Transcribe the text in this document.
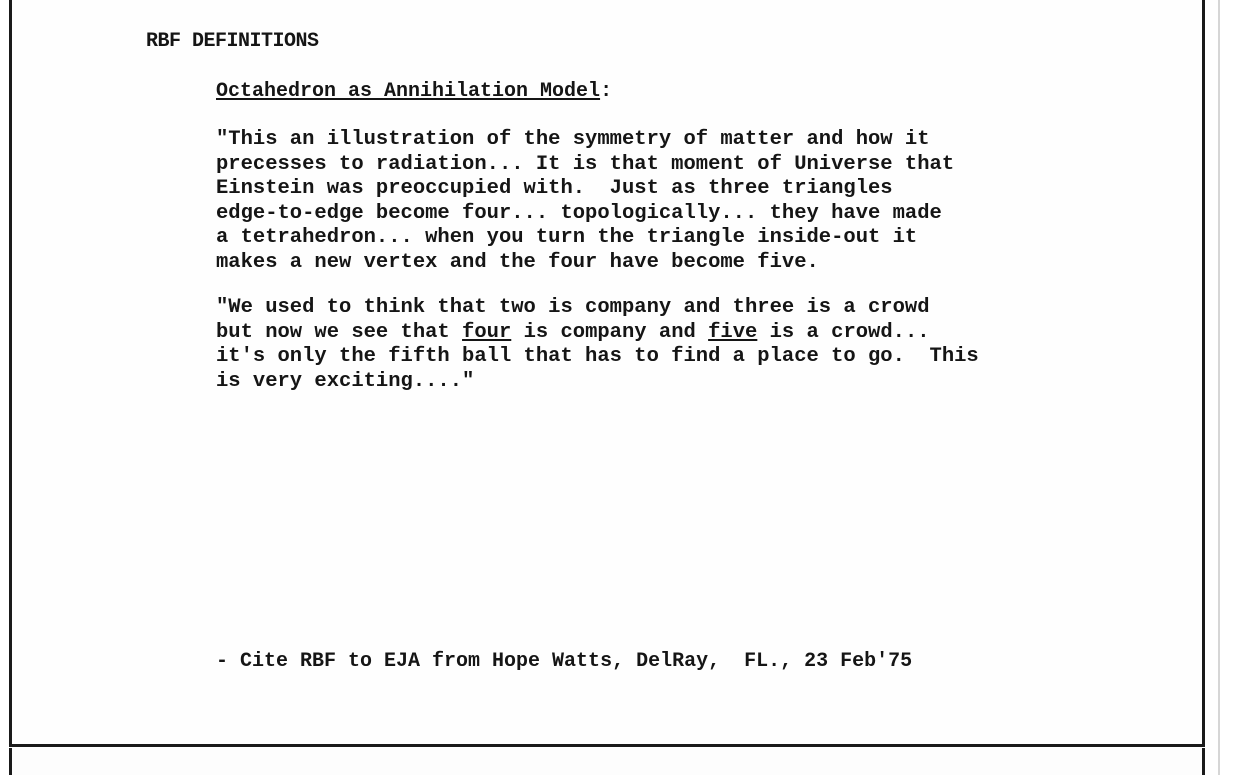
RBF DEFINITIONS
Octahedron as Annihilation Model:
"This an illustration of the symmetry of matter and how it
precesses to radiation... It is that moment of Universe that
Einstein was preoccupied with.  Just as three triangles
edge-to-edge become four... topologically... they have made
a tetrahedron... when you turn the triangle inside-out it
makes a new vertex and the four have become five.
"We used to think that two is company and three is a crowd
but now we see that four is company and five is a crowd...
it's only the fifth ball that has to find a place to go.  This
is very exciting...."
- Cite RBF to EJA from Hope Watts, DelRay,  FL., 23 Feb'75
